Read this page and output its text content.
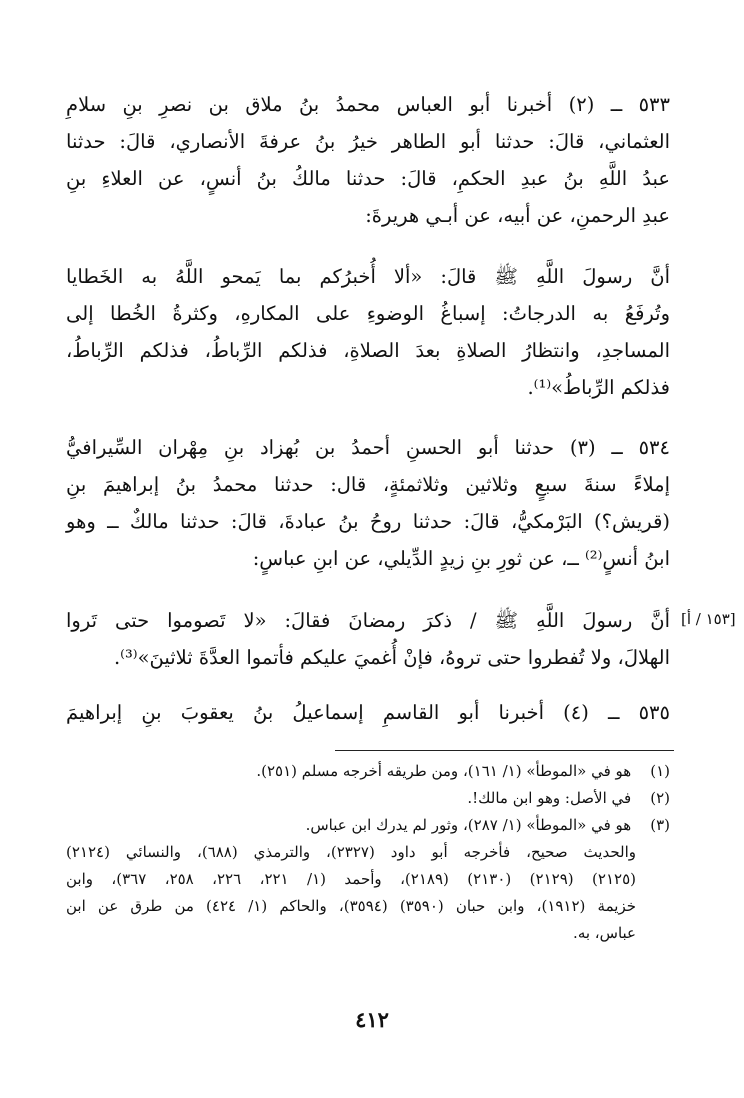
٥٣٣ ــ (٢) أخبرنا أبو العباس محمدُ بنُ ملاق بن نصرِ بنِ سلامِ
العثماني، قالَ: حدثنا أبو الطاهر خيرُ بنُ عرفةَ الأنصاري، قالَ: حدثنا
عبدُ اللَّهِ بنُ عبدِ الحكمِ، قالَ: حدثنا مالكُ بنُ أنسٍ، عن العلاءِ بنِ
عبدِ الرحمنِ، عن أبيه، عن أبـي هريرةَ:
أنَّ رسولَ اللَّهِ ﷺ قالَ: «ألا أُخبرُكم بما يَمحو اللَّهُ به الخَطايا
وتُرفَعُ به الدرجاتُ: إسباغُ الوضوءِ على المكارهِ، وكثرةُ الخُطا إلى
المساجدِ، وانتظارُ الصلاةِ بعدَ الصلاةِ، فذلكم الرِّباطُ، فذلكم الرِّباطُ،
فذلكم الرِّباطُ»⁽¹⁾.
٥٣٤ ــ (٣) حدثنا أبو الحسنِ أحمدُ بن بُهزاد بنِ مِهْران السِّيرافيُّ
إملاءً سنةَ سبعٍ وثلاثين وثلاثمئةٍ، قال: حدثنا محمدُ بنُ إبراهيمَ بنِ
(قريش؟) البَرْمكيُّ، قالَ: حدثنا روحُ بنُ عبادةَ، قالَ: حدثنا مالكٌ ــ وهو
ابنُ أنسٍ⁽²⁾ ــ، عن ثورِ بنِ زيدٍ الدِّيلي، عن ابنِ عباسٍ:
أنَّ رسولَ اللَّهِ ﷺ / ذكرَ رمضانَ فقالَ: «لا تَصوموا حتى تَروا
الهلالَ، ولا تُفطروا حتى تروهُ، فإنْ أُغميَ عليكم فأتموا العدَّةَ ثلاثينَ»⁽³⁾.
[١٥٣ / أ]
٥٣٥ ــ (٤) أخبرنا أبو القاسمِ إسماعيلُ بنُ يعقوبَ بنِ إبراهيمَ
(١) هو في «الموطأ» (١/ ١٦١)، ومن طريقه أخرجه مسلم (٢٥١).
(٢) في الأصل: وهو ابن مالك!.
(٣) هو في «الموطأ» (١/ ٢٨٧)، وثور لم يدرك ابن عباس.
والحديث صحيح، فأخرجه أبو داود (٢٣٢٧)، والترمذي (٦٨٨)، والنسائي (٢١٢٤)
(٢١٢٥) (٢١٢٩) (٢١٣٠) (٢١٨٩)، وأحمد (١/ ٢٢١، ٢٢٦، ٢٥٨، ٣٦٧)، وابن
خزيمة (١٩١٢)، وابن حبان (٣٥٩٠) (٣٥٩٤)، والحاكم (١/ ٤٢٤) من طرق عن ابن
عباس، به.
٤١٢
